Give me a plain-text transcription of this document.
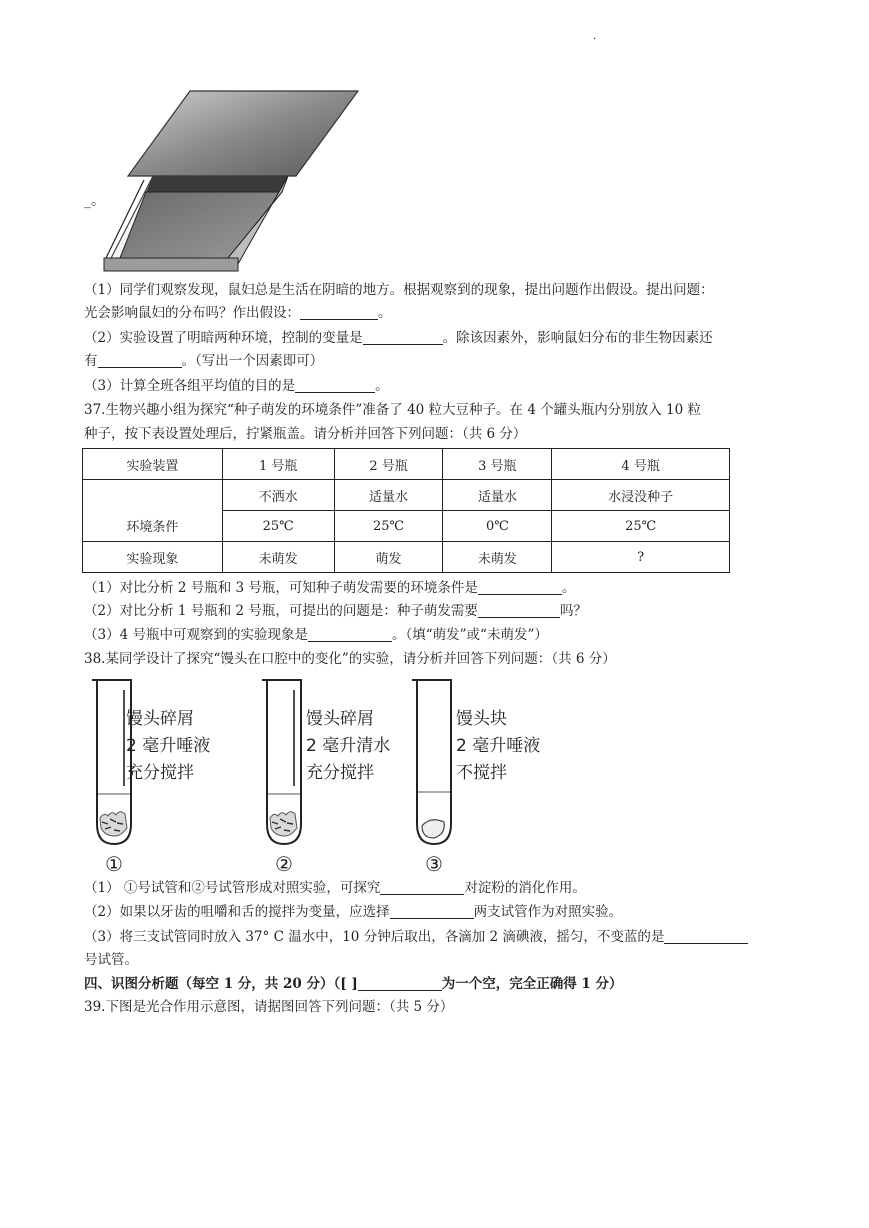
·
_。
（1）同学们观察发现，鼠妇总是生活在阴暗的地方。根据观察到的现象，提出问题作出假设。提出问题：
光会影响鼠妇的分布吗？作出假设：	。
（2）实验设置了明暗两种环境，控制的变量是	。除该因素外，影响鼠妇分布的非生物因素还
有	。（写出一个因素即可）
（3）计算全班各组平均值的目的是	。
37.生物兴趣小组为探究“种子萌发的环境条件”准备了 40 粒大豆种子。在 4 个罐头瓶内分别放入 10 粒
种子，按下表设置处理后，拧紧瓶盖。请分析并回答下列问题：（共 6 分）
实验装置	1 号瓶	2 号瓶	3 号瓶	4 号瓶
环境条件	不洒水	适量水	适量水	水浸没种子
	25℃	25℃	0℃	25℃
实验现象	未萌发	萌发	未萌发	?
（1）对比分析 2 号瓶和 3 号瓶，可知种子萌发需要的环境条件是	。
（2）对比分析 1 号瓶和 2 号瓶，可提出的问题是：种子萌发需要	吗？
（3）4 号瓶中可观察到的实验现象是	。（填“萌发”或“未萌发”）
38.某同学设计了探究“馒头在口腔中的变化”的实验，请分析并回答下列问题：（共 6 分）
馒头碎屑
2 毫升唾液
充分搅拌
馒头碎屑
2 毫升清水
充分搅拌
馒头块
2 毫升唾液
不搅拌
①	②	③
（1） ①号试管和②号试管形成对照实验，可探究	对淀粉的消化作用。
（2）如果以牙齿的咀嚼和舌的搅拌为变量，应选择	两支试管作为对照实验。
（3）将三支试管同时放入 37° C 温水中，10 分钟后取出，各滴加 2 滴碘液，摇匀，不变蓝的是
号试管。
四、识图分析题（每空 1 分，共 20 分）（[ ]	为一个空，完全正确得 1 分）
39.下图是光合作用示意图，请据图回答下列问题：（共 5 分）
